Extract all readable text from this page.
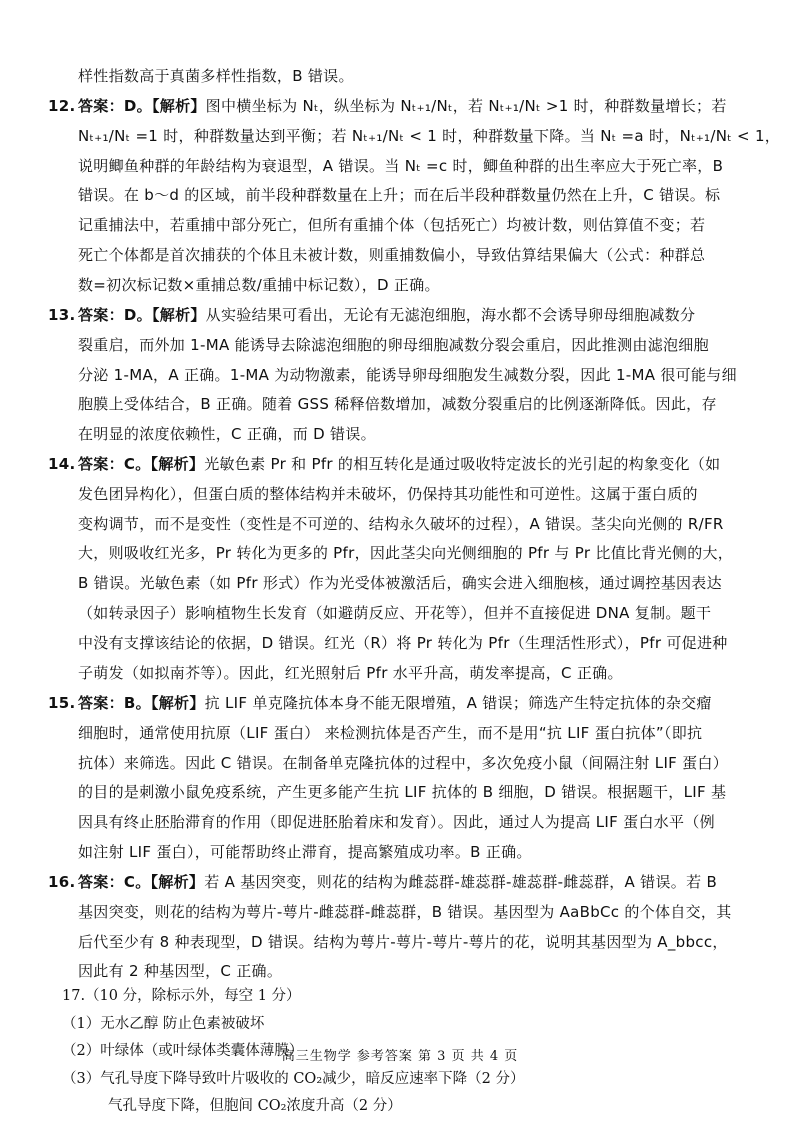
样性指数高于真菌多样性指数，B 错误。
12. 答案：D。【解析】图中横坐标为 Nₜ，纵坐标为 Nₜ₊₁/Nₜ，若 Nₜ₊₁/Nₜ >1 时，种群数量增长；若
Nₜ₊₁/Nₜ =1 时，种群数量达到平衡；若 Nₜ₊₁/Nₜ < 1 时，种群数量下降。当 Nₜ =a 时，Nₜ₊₁/Nₜ < 1，
说明鲫鱼种群的年龄结构为衰退型，A 错误。当 Nₜ =c 时，鲫鱼种群的出生率应大于死亡率，B
错误。在 b～d 的区域，前半段种群数量在上升；而在后半段种群数量仍然在上升，C 错误。标
记重捕法中，若重捕中部分死亡，但所有重捕个体（包括死亡）均被计数，则估算值不变；若
死亡个体都是首次捕获的个体且未被计数，则重捕数偏小，导致估算结果偏大（公式：种群总
数=初次标记数×重捕总数/重捕中标记数），D 正确。
13. 答案：D。【解析】从实验结果可看出，无论有无滤泡细胞，海水都不会诱导卵母细胞减数分
裂重启，而外加 1-MA 能诱导去除滤泡细胞的卵母细胞减数分裂会重启，因此推测由滤泡细胞
分泌 1-MA，A 正确。1-MA 为动物激素，能诱导卵母细胞发生减数分裂，因此 1-MA 很可能与细
胞膜上受体结合，B 正确。随着 GSS 稀释倍数增加，减数分裂重启的比例逐渐降低。因此，存
在明显的浓度依赖性，C 正确，而 D 错误。
14. 答案：C。【解析】光敏色素 Pr 和 Pfr 的相互转化是通过吸收特定波长的光引起的构象变化（如
发色团异构化），但蛋白质的整体结构并未破坏，仍保持其功能性和可逆性。这属于蛋白质的
变构调节，而不是变性（变性是不可逆的、结构永久破坏的过程），A 错误。茎尖向光侧的 R/FR
大，则吸收红光多，Pr 转化为更多的 Pfr，因此茎尖向光侧细胞的 Pfr 与 Pr 比值比背光侧的大，
B 错误。光敏色素（如 Pfr 形式）作为光受体被激活后，确实会进入细胞核，通过调控基因表达
（如转录因子）影响植物生长发育（如避荫反应、开花等），但并不直接促进 DNA 复制。题干
中没有支撑该结论的依据，D 错误。红光（R）将 Pr 转化为 Pfr（生理活性形式），Pfr 可促进种
子萌发（如拟南芥等）。因此，红光照射后 Pfr 水平升高，萌发率提高，C 正确。
15. 答案：B。【解析】抗 LIF 单克隆抗体本身不能无限增殖，A 错误；筛选产生特定抗体的杂交瘤
细胞时，通常使用抗原（LIF 蛋白） 来检测抗体是否产生，而不是用“抗 LIF 蛋白抗体”（即抗
抗体）来筛选。因此 C 错误。在制备单克隆抗体的过程中，多次免疫小鼠（间隔注射 LIF 蛋白）
的目的是刺激小鼠免疫系统，产生更多能产生抗 LIF 抗体的 B 细胞，D 错误。根据题干，LIF 基
因具有终止胚胎滞育的作用（即促进胚胎着床和发育）。因此，通过人为提高 LIF 蛋白水平（例
如注射 LIF 蛋白），可能帮助终止滞育，提高繁殖成功率。B 正确。
16. 答案：C。【解析】若 A 基因突变，则花的结构为雌蕊群-雄蕊群-雄蕊群-雌蕊群，A 错误。若 B
基因突变，则花的结构为萼片-萼片-雌蕊群-雌蕊群，B 错误。基因型为 AaBbCc 的个体自交，其
后代至少有 8 种表现型，D 错误。结构为萼片-萼片-萼片-萼片的花，说明其基因型为 A_bbcc，
因此有 2 种基因型，C 正确。
17.（10 分，除标示外，每空 1 分）
（1）无水乙醇 防止色素被破坏
（2）叶绿体（或叶绿体类囊体薄膜）
（3）气孔导度下降导致叶片吸收的 CO₂减少，暗反应速率下降（2 分）
气孔导度下降，但胞间 CO₂浓度升高（2 分）
高三生物学 参考答案 第 3 页 共 4 页
